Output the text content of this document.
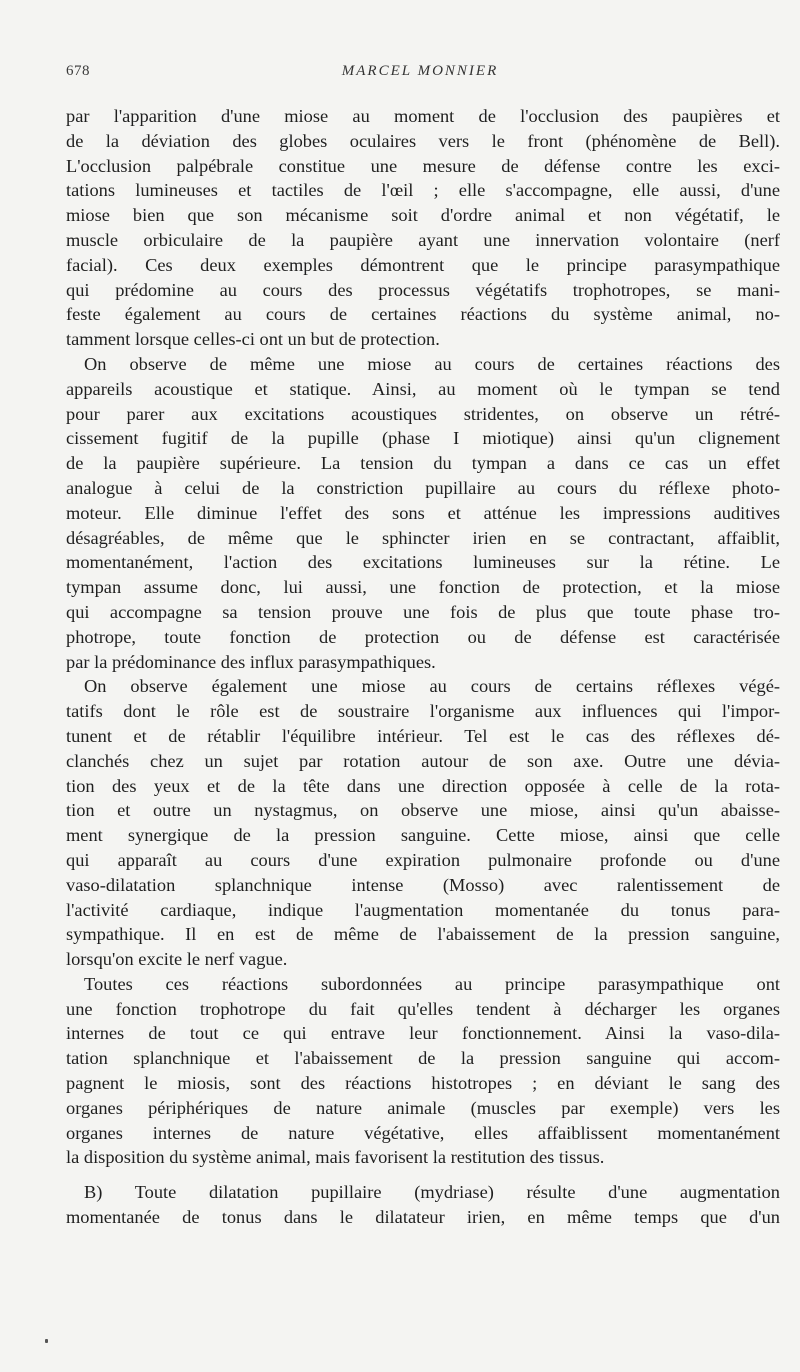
678	MARCEL MONNIER
par l'apparition d'une miose au moment de l'occlusion des paupières et
de la déviation des globes oculaires vers le front (phénomène de Bell).
L'occlusion palpébrale constitue une mesure de défense contre les exci-
tations lumineuses et tactiles de l'œil ; elle s'accompagne, elle aussi, d'une
miose bien que son mécanisme soit d'ordre animal et non végétatif, le
muscle orbiculaire de la paupière ayant une innervation volontaire (nerf
facial). Ces deux exemples démontrent que le principe parasympathique
qui prédomine au cours des processus végétatifs trophotropes, se mani-
feste également au cours de certaines réactions du système animal, no-
tamment lorsque celles-ci ont un but de protection.
On observe de même une miose au cours de certaines réactions des
appareils acoustique et statique. Ainsi, au moment où le tympan se tend
pour parer aux excitations acoustiques stridentes, on observe un rétré-
cissement fugitif de la pupille (phase I miotique) ainsi qu'un clignement
de la paupière supérieure. La tension du tympan a dans ce cas un effet
analogue à celui de la constriction pupillaire au cours du réflexe photo-
moteur. Elle diminue l'effet des sons et atténue les impressions auditives
désagréables, de même que le sphincter irien en se contractant, affaiblit,
momentanément, l'action des excitations lumineuses sur la rétine. Le
tympan assume donc, lui aussi, une fonction de protection, et la miose
qui accompagne sa tension prouve une fois de plus que toute phase tro-
photrope, toute fonction de protection ou de défense est caractérisée
par la prédominance des influx parasympathiques.
On observe également une miose au cours de certains réflexes végé-
tatifs dont le rôle est de soustraire l'organisme aux influences qui l'impor-
tunent et de rétablir l'équilibre intérieur. Tel est le cas des réflexes dé-
clanchés chez un sujet par rotation autour de son axe. Outre une dévia-
tion des yeux et de la tête dans une direction opposée à celle de la rota-
tion et outre un nystagmus, on observe une miose, ainsi qu'un abaisse-
ment synergique de la pression sanguine. Cette miose, ainsi que celle
qui apparaît au cours d'une expiration pulmonaire profonde ou d'une
vaso-dilatation splanchnique intense (Mosso) avec ralentissement de
l'activité cardiaque, indique l'augmentation momentanée du tonus para-
sympathique. Il en est de même de l'abaissement de la pression sanguine,
lorsqu'on excite le nerf vague.
Toutes ces réactions subordonnées au principe parasympathique ont
une fonction trophotrope du fait qu'elles tendent à décharger les organes
internes de tout ce qui entrave leur fonctionnement. Ainsi la vaso-dila-
tation splanchnique et l'abaissement de la pression sanguine qui accom-
pagnent le miosis, sont des réactions histotropes ; en déviant le sang des
organes périphériques de nature animale (muscles par exemple) vers les
organes internes de nature végétative, elles affaiblissent momentanément
la disposition du système animal, mais favorisent la restitution des tissus.
B) Toute dilatation pupillaire (mydriase) résulte d'une augmentation
momentanée de tonus dans le dilatateur irien, en même temps que d'un
